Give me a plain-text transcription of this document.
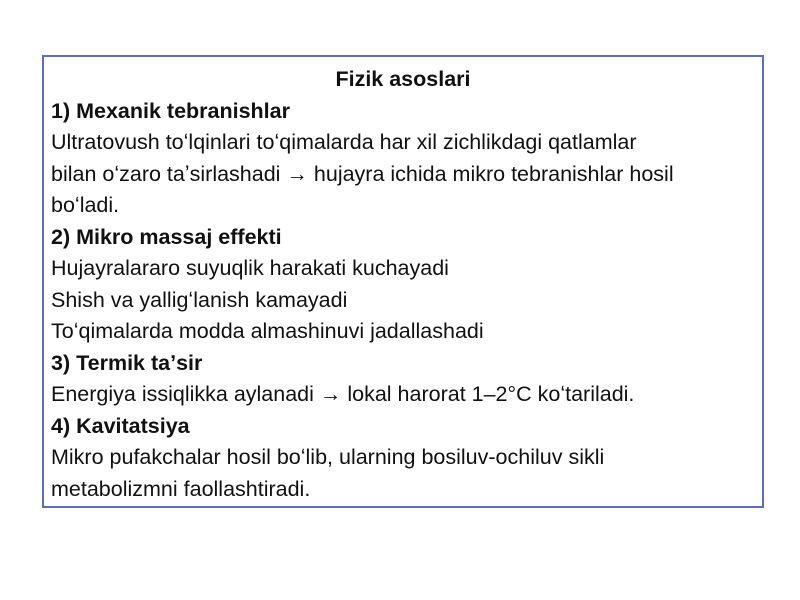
Fizik asoslari
1) Mexanik tebranishlar
Ultratovush toʻlqinlari toʻqimalarda har xil zichlikdagi qatlamlar
bilan oʻzaro taʼsirlashadi → hujayra ichida mikro tebranishlar hosil
boʻladi.
2) Mikro massaj effekti
Hujayralararo suyuqlik harakati kuchayadi
Shish va yalligʻlanish kamayadi
Toʻqimalarda modda almashinuvi jadallashadi
3) Termik taʼsir
Energiya issiqlikka aylanadi → lokal harorat 1–2°C koʻtariladi.
4) Kavitatsiya
Mikro pufakchalar hosil boʻlib, ularning bosiluv-ochiluv sikli
metabolizmni faollashtiradi.
